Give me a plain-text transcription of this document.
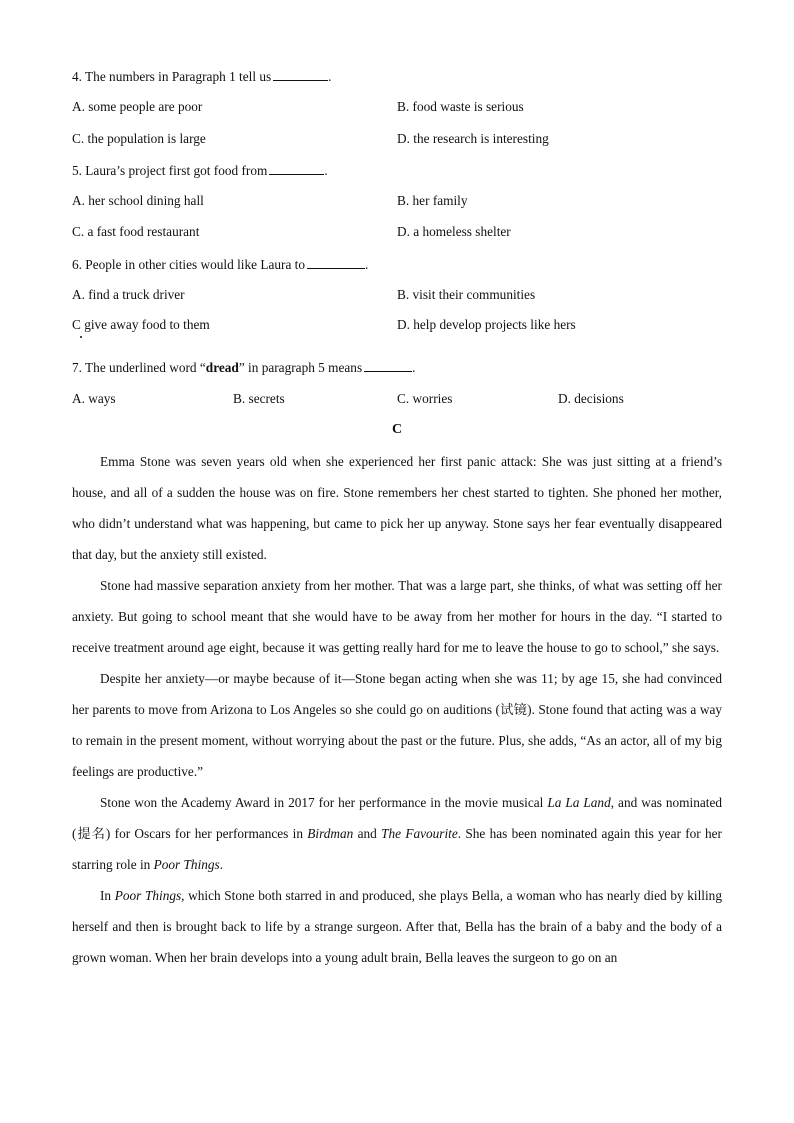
4. The numbers in Paragraph 1 tell us	.
A. some people are poor	B. food waste is serious
C. the population is large	D. the research is interesting
5. Laura’s project first got food from	.
A. her school dining hall	B. her family
C. a fast food restaurant	D. a homeless shelter
6. People in other cities would like Laura to	.
A. find a truck driver	B. visit their communities
C give away food to them	D. help develop projects like hers
7. The underlined word “dread” in paragraph 5 means	.
A. ways	B. secrets	C. worries	D. decisions
C

Emma Stone was seven years old when she experienced her first panic attack: She was just sitting at a friend’s house, and all of a sudden the house was on fire. Stone remembers her chest started to tighten. She phoned her mother, who didn’t understand what was happening, but came to pick her up anyway. Stone says her fear eventually disappeared that day, but the anxiety still existed.

Stone had massive separation anxiety from her mother. That was a large part, she thinks, of what was setting off her anxiety. But going to school meant that she would have to be away from her mother for hours in the day. “I started to receive treatment around age eight, because it was getting really hard for me to leave the house to go to school,” she says.

Despite her anxiety—or maybe because of it—Stone began acting when she was 11; by age 15, she had convinced her parents to move from Arizona to Los Angeles so she could go on auditions (试镜). Stone found that acting was a way to remain in the present moment, without worrying about the past or the future. Plus, she adds, “As an actor, all of my big feelings are productive.”

Stone won the Academy Award in 2017 for her performance in the movie musical La La Land, and was nominated (提名) for Oscars for her performances in Birdman and The Favourite. She has been nominated again this year for her starring role in Poor Things.

In Poor Things, which Stone both starred in and produced, she plays Bella, a woman who has nearly died by killing herself and then is brought back to life by a strange surgeon. After that, Bella has the brain of a baby and the body of a grown woman. When her brain develops into a young adult brain, Bella leaves the surgeon to go on an
